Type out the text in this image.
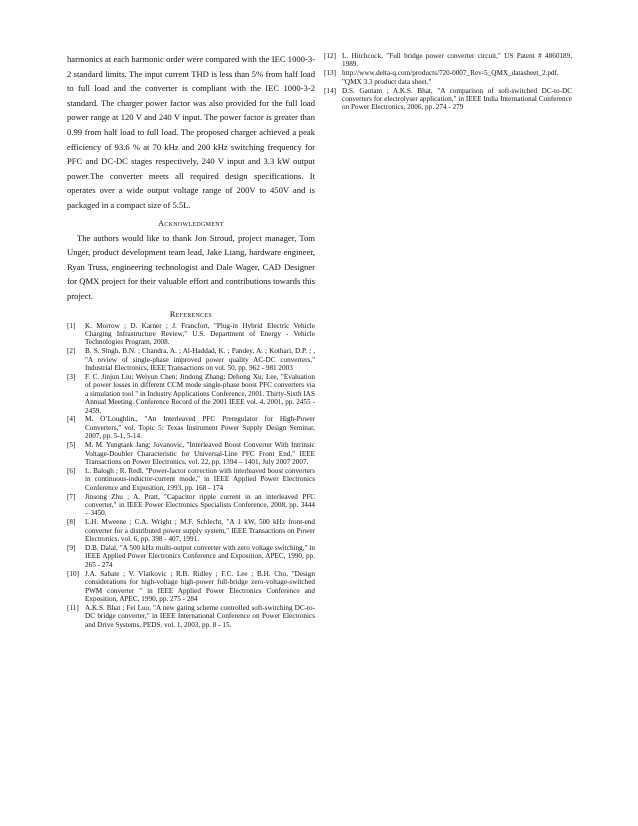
harmonics at each harmonic order were compared with the IEC 1000-3-2 standard limits. The input current THD is less than 5% from half load to full load and the converter is compliant with the IEC 1000-3-2 standard. The charger power factor was also provided for the full load power range at 120 V and 240 V input. The power factor is greater than 0.99 from half load to full load. The proposed charger achieved a peak efficiency of 93.6 % at 70 kHz and 200 kHz switching frequency for PFC and DC-DC stages respectively, 240 V input and 3.3 kW output power.The converter meets all required design specifications. It operates over a wide output voltage range of 200V to 450V and is packaged in a compact size of 5.5L.

Acknowledgment

The authors would like to thank Jon Stroud, project manager, Tom Unger, product development team lead, Jake Liang, hardware engineer, Ryan Truss, engineering technologist and Dale Wager, CAD Designer for QMX project for their valuable effort and contributions towards this project.

References
[1]	K. Morrow ; D. Karner ; J. Francfort, "Plug-in Hybrid Electric Vehicle Charging Infrastructure Review," U.S. Department of Energy - Vehicle Technologies Program, 2008.
[2]	B. S. Singh, B.N. ; Chandra, A. ; Al-Haddad, K. ; Pandey, A. ; Kothari, D.P. ; , "A review of single-phase improved power quality AC-DC converters," Industrial Electronics, IEEE Transactions on vol. 50, pp. 962 - 981 2003
[3]	F. C. Jinjun Liu; Weiyun Chen; Jindong Zhang; Dehong Xu; Lee, "Evaluation of power losses in different CCM mode single-phase boost PFC converters via a simulation tool " in Industry Applications Conference, 2001. Thirty-Sixth IAS Annual Meeting. Conference Record of the 2001 IEEE vol. 4, 2001, pp. 2455 - 2459.
[4]	M. O’Loughlin,, "An Interleaved PFC Preregulator for High-Power Converters," vol. Topic 5: Texas Instrument Power Supply Design Seminar, 2007, pp. 5-1, 5-14.
[5]	M. M. Yungtaek Jang; Jovanovic, "Interleaved Boost Converter With Intrinsic Voltage-Doubler Characteristic for Universal-Line PFC Front End," IEEE Transactions on Power Electronics, vol. 22, pp. 1394 – 1401, July 2007 2007.
[6]	L. Balogh ; R. Redl, "Power-factor correction with interleaved boost converters in continuous-inductor-current mode," in IEEE Applied Power Electronics Conference and Exposition, 1993, pp. 168 - 174
[7]	Jinsong Zhu ; A. Pratt, "Capacitor ripple current in an interleaved PFC converter," in IEEE Power Electronics Specialists Conference, 2008, pp. 3444 – 3450.
[8]	L.H. Mweene ; C.A. Wright ; M.F. Schlecht, "A 1 kW, 500 kHz front-end converter for a distributed power supply system," IEEE Transactions on Power Electronics, vol. 6, pp. 398 - 407, 1991.
[9]	D.B. Dalal, "A 500 kHz multi-output converter with zero voltage switching," in IEEE Applied Power Electronics Conference and Exposition, APEC, 1990, pp. 265 - 274
[10] J.A. Sabate ; V. Vlatkovic ; R.B. Ridley ; F.C. Lee ; B.H. Cho, "Design considerations for high-voltage high-power full-bridge zero-voltage-switched PWM converter " in IEEE Applied Power Electronics Conference and Exposition, APEC, 1990, pp. 275 - 284
[11] A.K.S. Bhat ; Fei Luo, "A new gating scheme controlled soft-switching DC-to-DC bridge converter," in IEEE International Conference on Power Electronics and Drive Systems, PEDS. vol. 1, 2003, pp. 8 - 15.
[12] L. Hitchcock, "Full bridge power converter circuit," US Patent # 4860189, 1989.
[13] http://www.delta-q.com/products/720-0007_Rev-5_QMX_datasheet_2.pdf, "QMX 3.3 product data sheet."
[14] D.S. Gautam ; A.K.S. Bhat, "A comparison of soft-switched DC-to-DC converters for electrolyser application," in IEEE India International Conference on Power Electronics, 2006, pp. 274 - 279
